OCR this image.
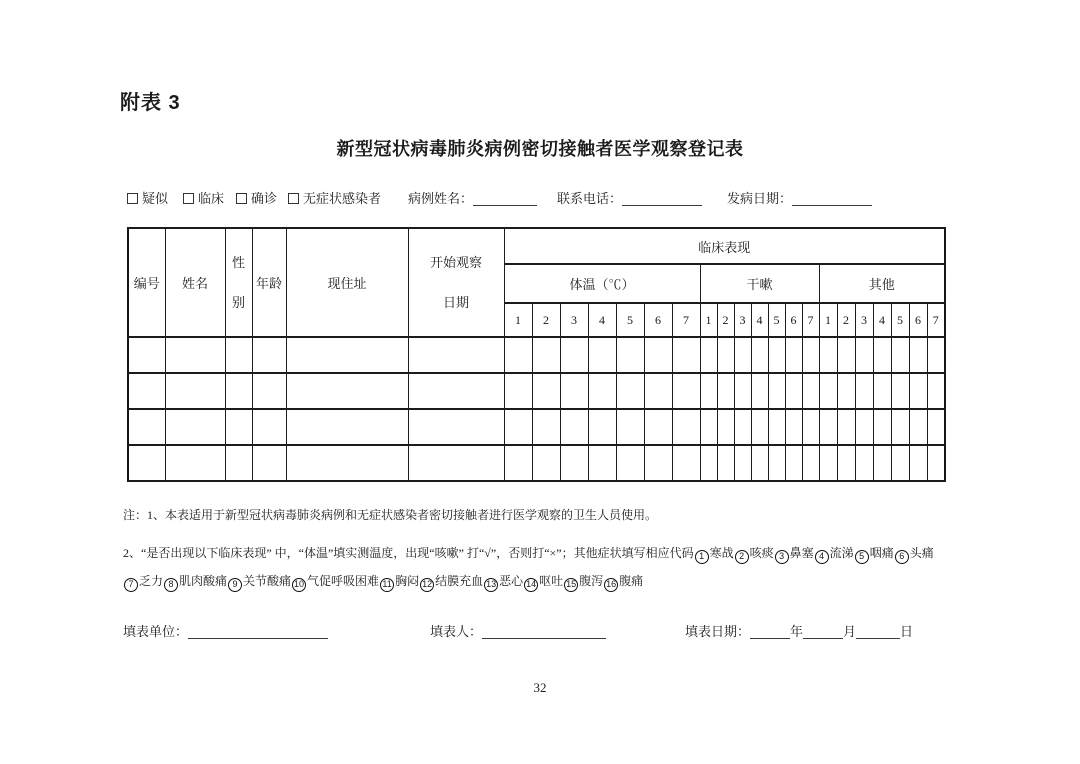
附表 3
新型冠状病毒肺炎病例密切接触者医学观察登记表
疑似	临床	确诊	无症状感染者 病例姓名：	联系电话：	发病日期：
编号	姓名	性别	年龄	现住址	开始观察日期	临床表现																				
						体温（℃）							干嗽							其他						
						1	2	3	4	5	6	7	1	2	3	4	5	6	7	1	2	3	4	5	6	7

注：1、本表适用于新型冠状病毒肺炎病例和无症状感染者密切接触者进行医学观察的卫生人员使用。
2、“是否出现以下临床表现” 中，“体温”填实测温度，出现“咳嗽” 打“√”，否则打“×”；其他症状填写相应代码 1 寒战 2 咳痰 3 鼻塞 4 流涕 5 咽痛 6 头痛7 乏力 8 肌肉酸痛 9 关节酸痛 10 气促呼吸困难 11 胸闷 12 结膜充血 13 恶心 14 呕吐 15 腹泻 16 腹痛
填表单位：	填表人：	填表日期：	年	月	日
32
